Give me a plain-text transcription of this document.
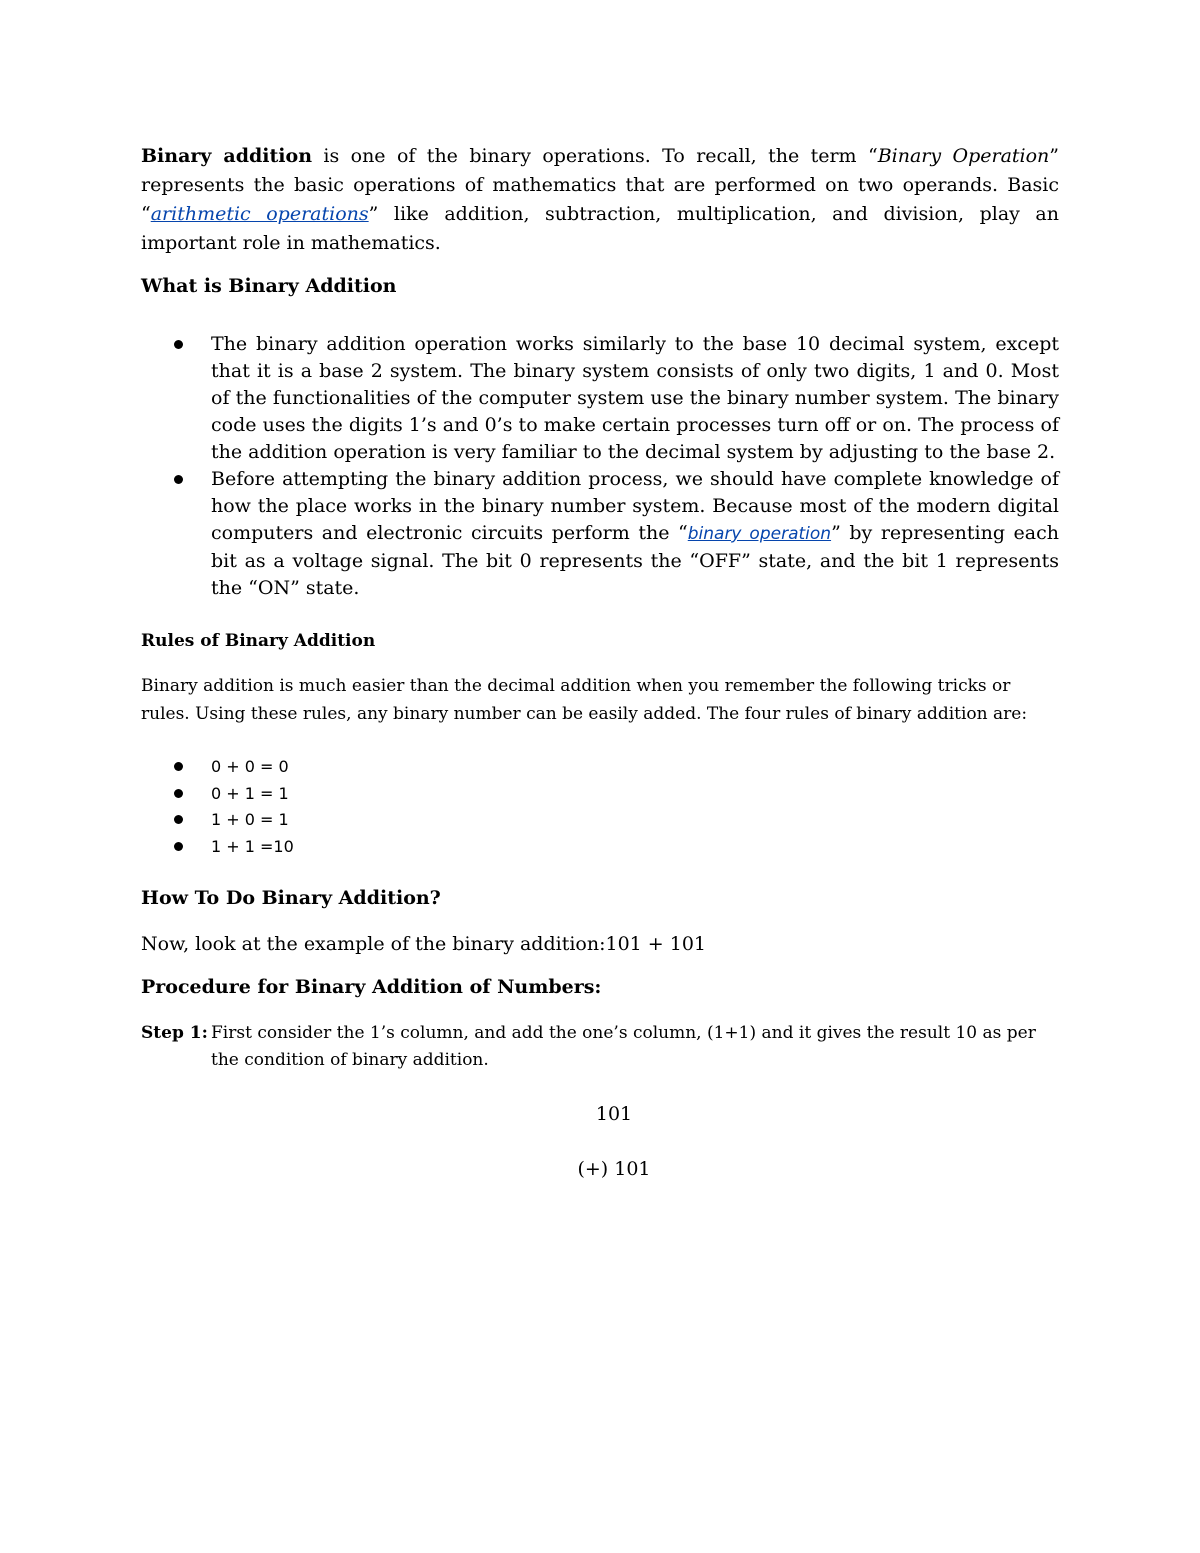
Binary addition is one of the binary operations. To recall, the term “Binary Operation” represents the basic operations of mathematics that are performed on two operands. Basic “arithmetic operations” like addition, subtraction, multiplication, and division, play an important role in mathematics.

What is Binary Addition
The binary addition operation works similarly to the base 10 decimal system, except that it is a base 2 system. The binary system consists of only two digits, 1 and 0. Most of the functionalities of the computer system use the binary number system. The binary code uses the digits 1’s and 0’s to make certain processes turn off or on. The process of the addition operation is very familiar to the decimal system by adjusting to the base 2.
Before attempting the binary addition process, we should have complete knowledge of how the place works in the binary number system. Because most of the modern digital computers and electronic circuits perform the “binary operation” by representing each bit as a voltage signal. The bit 0 represents the “OFF” state, and the bit 1 represents the “ON” state.
Rules of Binary Addition

Binary addition is much easier than the decimal addition when you remember the following tricks or rules. Using these rules, any binary number can be easily added. The four rules of binary addition are:

0 + 0 = 0
0 + 1 = 1
1 + 0 = 1
1 + 1 =10
How To Do Binary Addition?

Now, look at the example of the binary addition:101 + 101

Procedure for Binary Addition of Numbers:
Step 1: First consider the 1’s column, and add the one’s column, (1+1) and it gives the result 10 as per the condition of binary addition.
101
(+) 101
